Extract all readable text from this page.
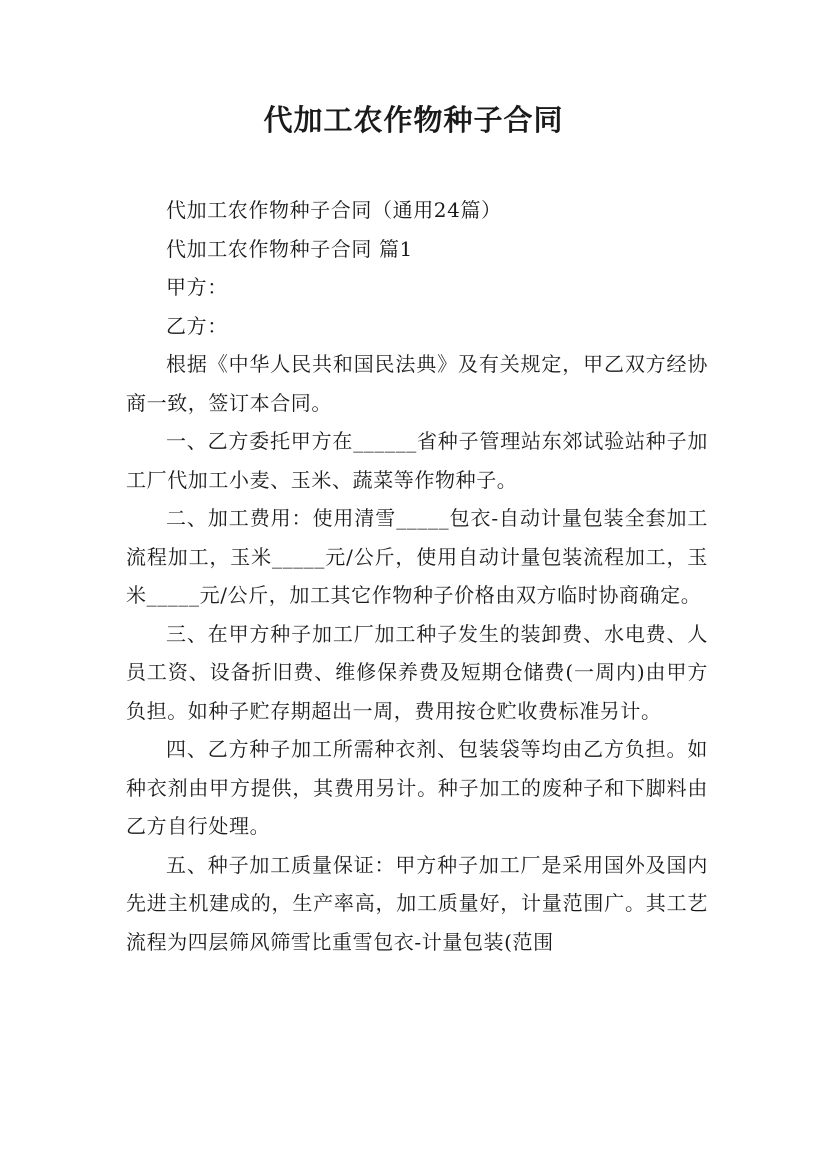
代加工农作物种子合同

代加工农作物种子合同（通用24篇）

代加工农作物种子合同 篇1

甲方：

乙方：

根据《中华人民共和国民法典》及有关规定，甲乙双方经协商一致，签订本合同。

一、乙方委托甲方在______省种子管理站东郊试验站种子加工厂代加工小麦、玉米、蔬菜等作物种子。

二、加工费用：使用清雪_____包衣-自动计量包装全套加工流程加工，玉米_____元/公斤，使用自动计量包装流程加工，玉米_____元/公斤，加工其它作物种子价格由双方临时协商确定。

三、在甲方种子加工厂加工种子发生的装卸费、水电费、人员工资、设备折旧费、维修保养费及短期仓储费(一周内)由甲方负担。如种子贮存期超出一周，费用按仓贮收费标准另计。

四、乙方种子加工所需种衣剂、包装袋等均由乙方负担。如种衣剂由甲方提供，其费用另计。种子加工的废种子和下脚料由乙方自行处理。

五、种子加工质量保证：甲方种子加工厂是采用国外及国内先进主机建成的，生产率高，加工质量好，计量范围广。其工艺流程为四层筛风筛雪比重雪包衣-计量包装(范围
